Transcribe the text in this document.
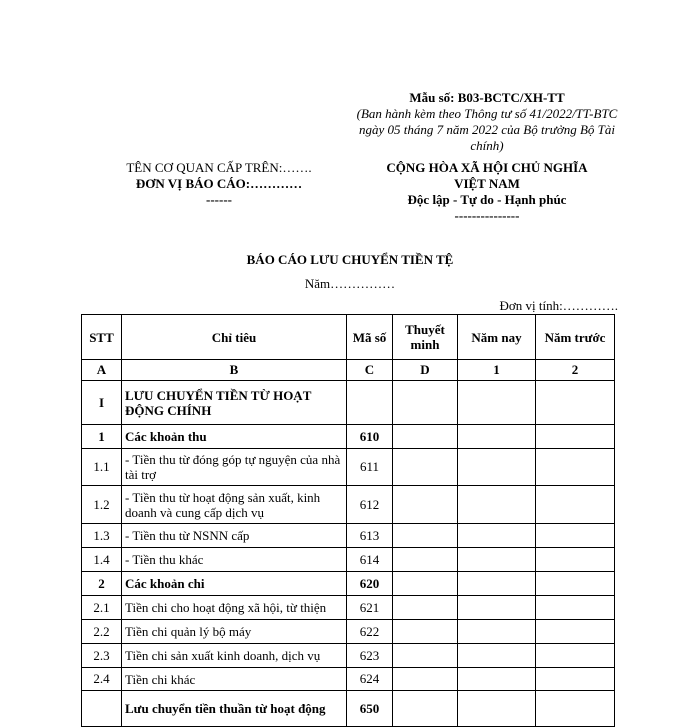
Mẫu số: B03-BCTC/XH-TT
(Ban hành kèm theo Thông tư số 41/2022/TT-BTC ngày 05 tháng 7 năm 2022 của Bộ trưởng Bộ Tài chính)
TÊN CƠ QUAN CẤP TRÊN:…….
ĐƠN VỊ BÁO CÁO:…………
------
CỘNG HÒA XÃ HỘI CHỦ NGHĨA
VIỆT NAM
Độc lập - Tự do - Hạnh phúc
---------------
BÁO CÁO LƯU CHUYỂN TIỀN TỆ
Năm……………
Đơn vị tính:………….
STT	Chỉ tiêu	Mã số	Thuyết minh	Năm nay	Năm trước
A	B	C	D	1	2
I	LƯU CHUYỂN TIỀN TỪ HOẠT ĐỘNG CHÍNH				
1	Các khoản thu	610			
1.1	- Tiền thu từ đóng góp tự nguyện của nhà tài trợ	611			
1.2	- Tiền thu từ hoạt động sản xuất, kinh doanh và cung cấp dịch vụ	612			
1.3	- Tiền thu từ NSNN cấp	613			
1.4	- Tiền thu khác	614			
2	Các khoản chi	620			
2.1	Tiền chi cho hoạt động xã hội, từ thiện	621			
2.2	Tiền chi quản lý bộ máy	622			
2.3	Tiền chi sản xuất kinh doanh, dịch vụ	623			
2.4	Tiền chi khác	624			
	Lưu chuyển tiền thuần từ hoạt động	650			
